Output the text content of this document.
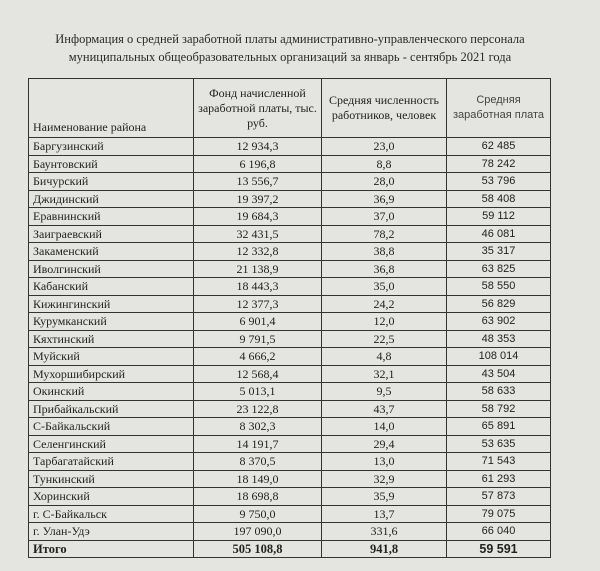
Информация о средней заработной платы административно-управленческого персонала
муниципальных общеобразовательных организаций за январь - сентябрь 2021 года
Наименование района	Фонд начисленной заработной платы, тыс. руб.	Средняя численность работников, человек	Средняя заработная плата
Баргузинский	12 934,3	23,0	62 485
Баунтовский	6 196,8	8,8	78 242
Бичурский	13 556,7	28,0	53 796
Джидинский	19 397,2	36,9	58 408
Еравнинский	19 684,3	37,0	59 112
Заиграевский	32 431,5	78,2	46 081
Закаменский	12 332,8	38,8	35 317
Иволгинский	21 138,9	36,8	63 825
Кабанский	18 443,3	35,0	58 550
Кижингинский	12 377,3	24,2	56 829
Курумканский	6 901,4	12,0	63 902
Кяхтинский	9 791,5	22,5	48 353
Муйский	4 666,2	4,8	108 014
Мухоршибирский	12 568,4	32,1	43 504
Окинский	5 013,1	9,5	58 633
Прибайкальский	23 122,8	43,7	58 792
С-Байкальский	8 302,3	14,0	65 891
Селенгинский	14 191,7	29,4	53 635
Тарбагатайский	8 370,5	13,0	71 543
Тункинский	18 149,0	32,9	61 293
Хоринский	18 698,8	35,9	57 873
г. С-Байкальск	9 750,0	13,7	79 075
г. Улан-Удэ	197 090,0	331,6	66 040
Итого	505 108,8	941,8	59 591
